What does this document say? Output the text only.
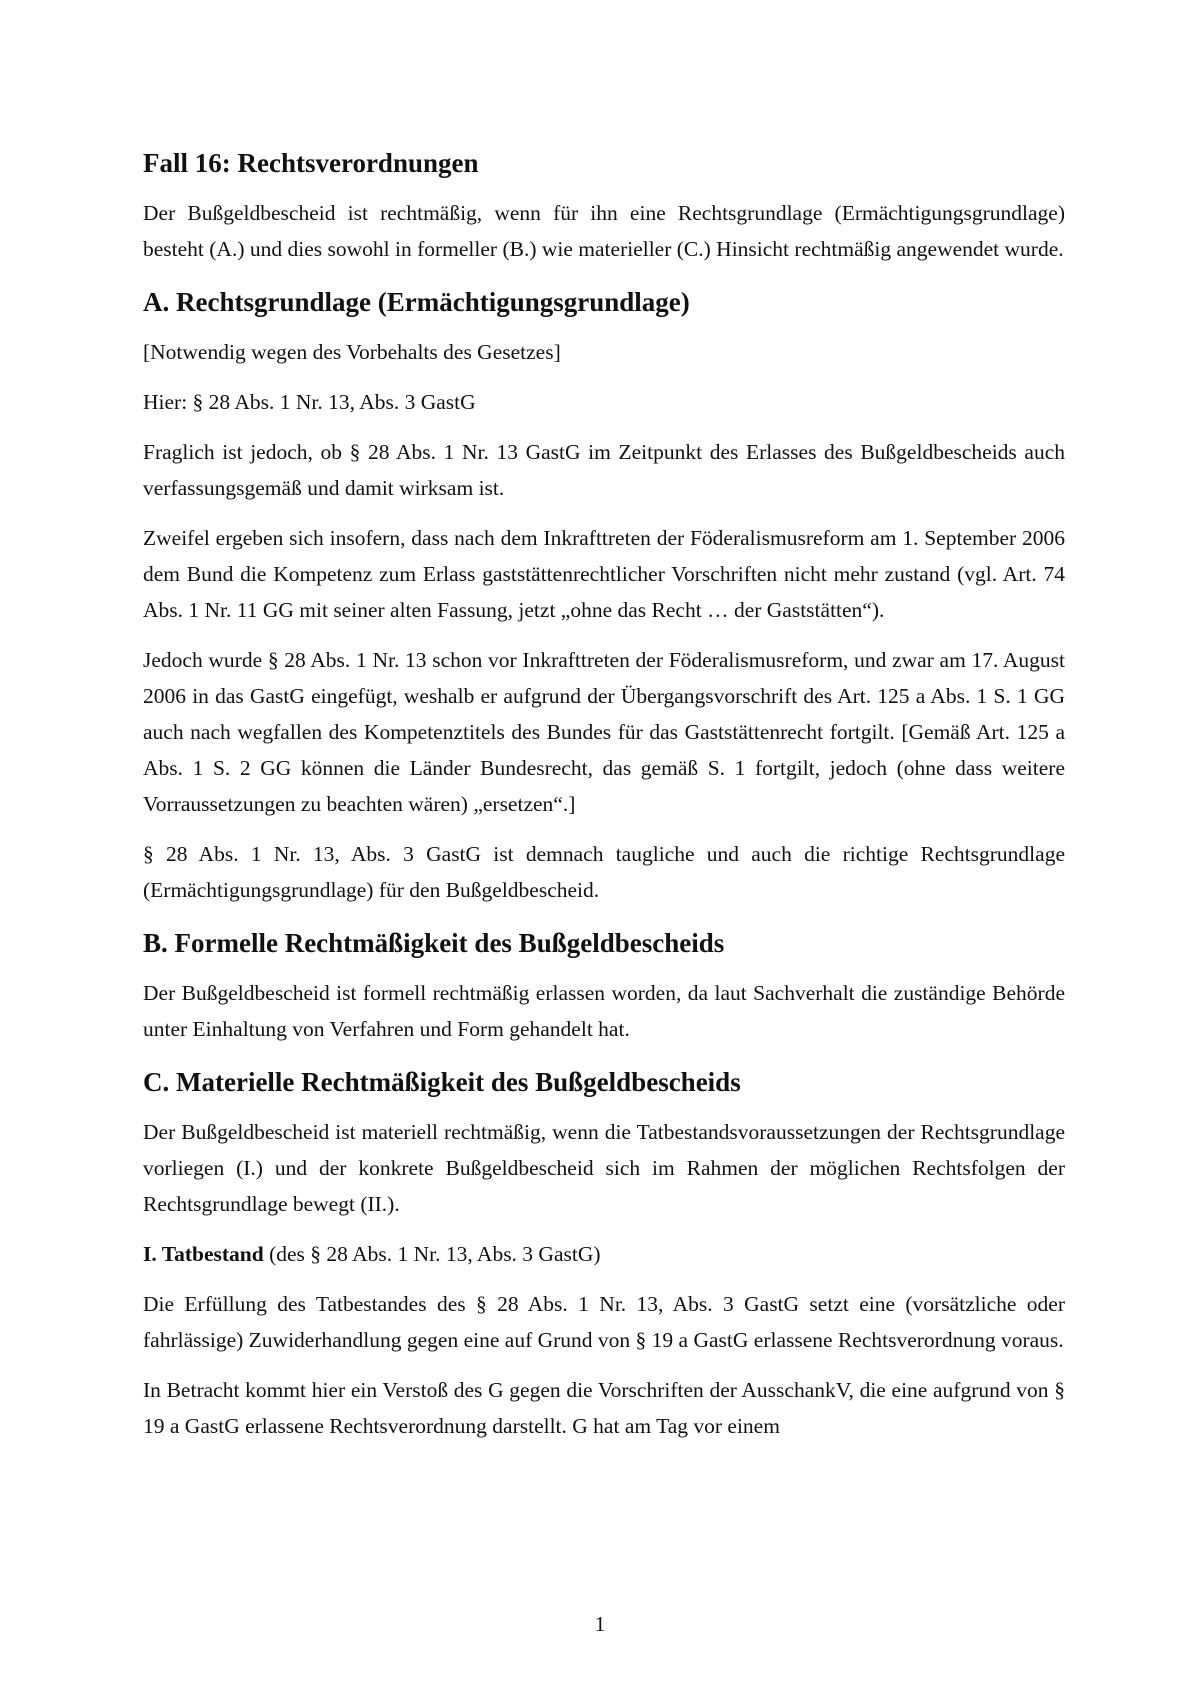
Fall 16: Rechtsverordnungen

Der Bußgeldbescheid ist rechtmäßig, wenn für ihn eine Rechtsgrundlage (Ermächtigungsgrundlage) besteht (A.) und dies sowohl in formeller (B.) wie materieller (C.) Hinsicht rechtmäßig angewendet wurde.

A. Rechtsgrundlage (Ermächtigungsgrundlage)

[Notwendig wegen des Vorbehalts des Gesetzes]

Hier: § 28 Abs. 1 Nr. 13, Abs. 3 GastG

Fraglich ist jedoch, ob § 28 Abs. 1 Nr. 13 GastG im Zeitpunkt des Erlasses des Bußgeldbescheids auch verfassungsgemäß und damit wirksam ist.

Zweifel ergeben sich insofern, dass nach dem Inkrafttreten der Föderalismusreform am 1. September 2006 dem Bund die Kompetenz zum Erlass gaststättenrechtlicher Vorschriften nicht mehr zustand (vgl. Art. 74 Abs. 1 Nr. 11 GG mit seiner alten Fassung, jetzt „ohne das Recht … der Gaststätten“).

Jedoch wurde § 28 Abs. 1 Nr. 13 schon vor Inkrafttreten der Föderalismusreform, und zwar am 17. August 2006 in das GastG eingefügt, weshalb er aufgrund der Übergangsvorschrift des Art. 125 a Abs. 1 S. 1 GG auch nach wegfallen des Kompetenztitels des Bundes für das Gaststättenrecht fortgilt. [Gemäß Art. 125 a Abs. 1 S. 2 GG können die Länder Bundesrecht, das gemäß S. 1 fortgilt, jedoch (ohne dass weitere Vorraussetzungen zu beachten wären) „ersetzen“.]

§ 28 Abs. 1 Nr. 13, Abs. 3 GastG ist demnach taugliche und auch die richtige Rechtsgrundlage (Ermächtigungsgrundlage) für den Bußgeldbescheid.

B. Formelle Rechtmäßigkeit des Bußgeldbescheids

Der Bußgeldbescheid ist formell rechtmäßig erlassen worden, da laut Sachverhalt die zuständige Behörde unter Einhaltung von Verfahren und Form gehandelt hat.

C. Materielle Rechtmäßigkeit des Bußgeldbescheids

Der Bußgeldbescheid ist materiell rechtmäßig, wenn die Tatbestandsvoraussetzungen der Rechtsgrundlage vorliegen (I.) und der konkrete Bußgeldbescheid sich im Rahmen der möglichen Rechtsfolgen der Rechtsgrundlage bewegt (II.).

I. Tatbestand (des § 28 Abs. 1 Nr. 13, Abs. 3 GastG)

Die Erfüllung des Tatbestandes des § 28 Abs. 1 Nr. 13, Abs. 3 GastG setzt eine (vorsätzliche oder fahrlässige) Zuwiderhandlung gegen eine auf Grund von § 19 a GastG erlassene Rechtsverordnung voraus.

In Betracht kommt hier ein Verstoß des G gegen die Vorschriften der AusschankV, die eine aufgrund von § 19 a GastG erlassene Rechtsverordnung darstellt. G hat am Tag vor einem

1
